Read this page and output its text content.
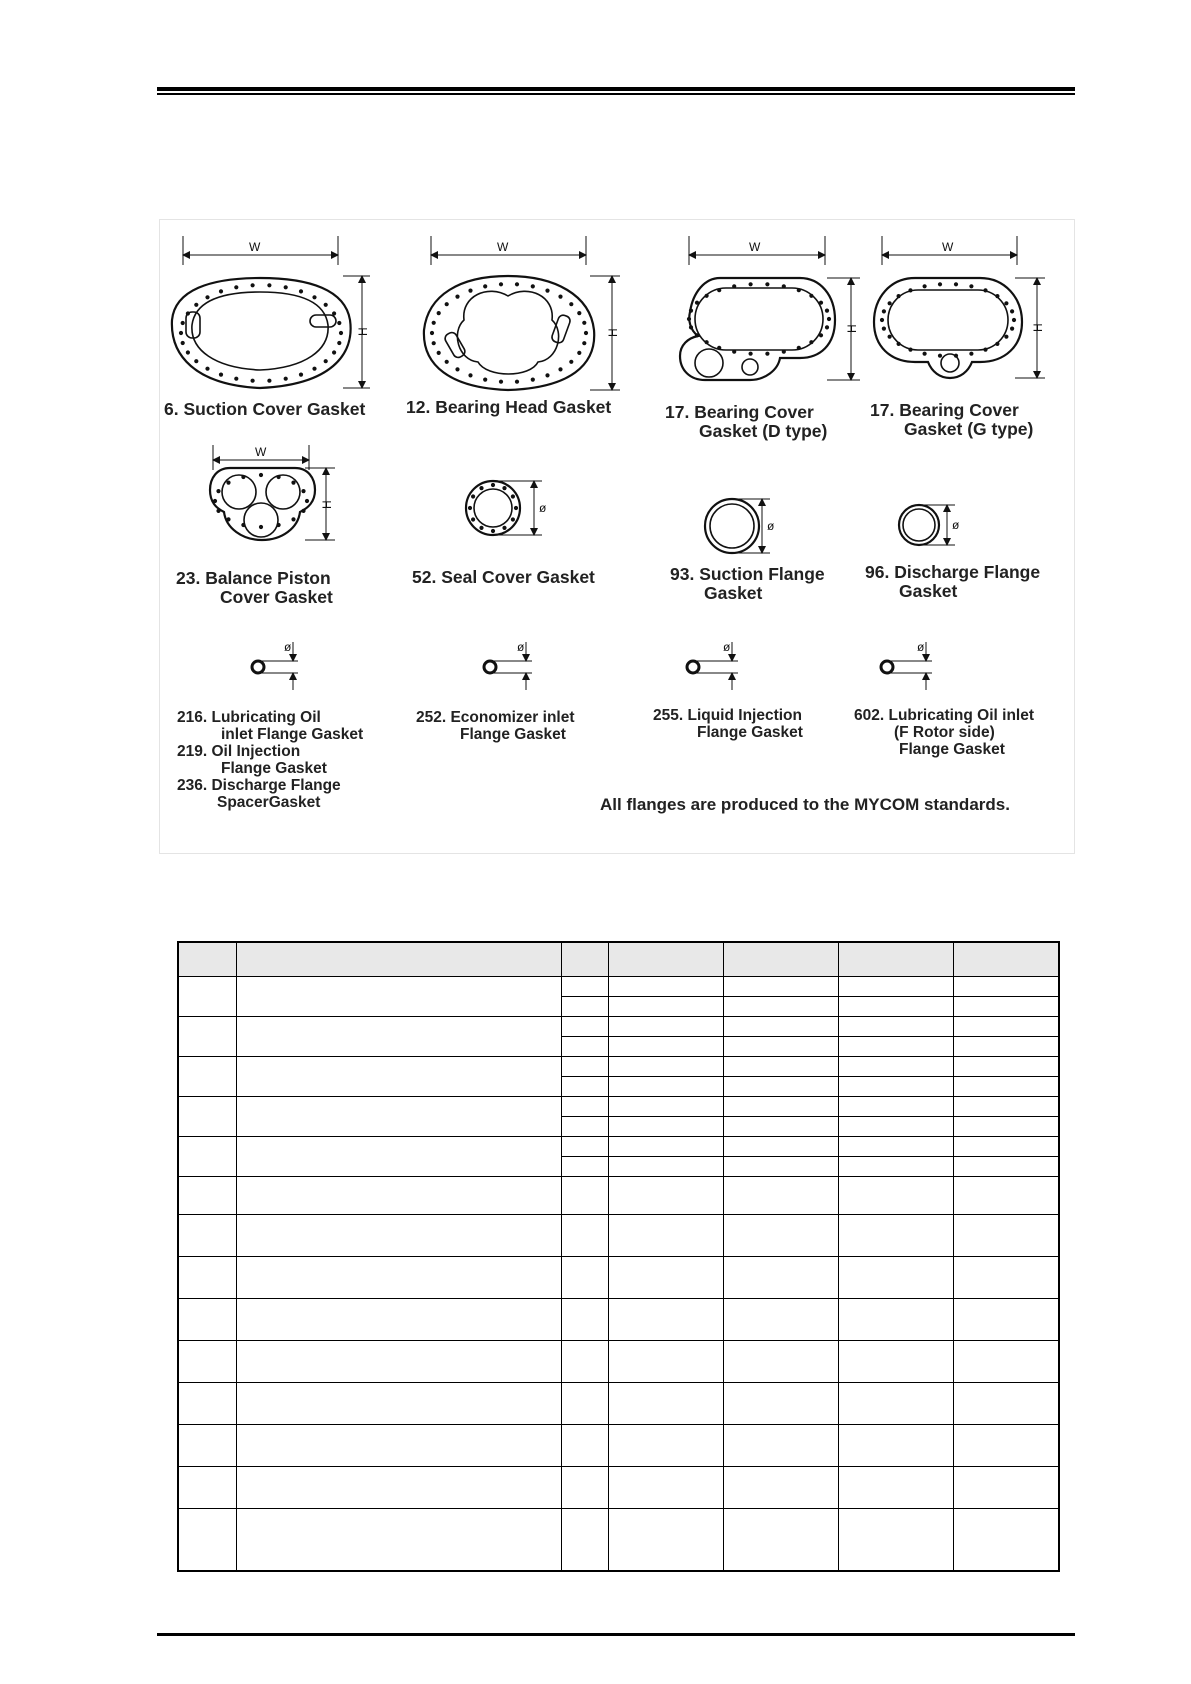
W	W	W	W
W
H	H	H	H
H	ø
ø	ø
ø	ø	ø	ø
6. Suction Cover Gasket 12. Bearing Head Gasket	17. Bearing Cover
Gasket (D type)
17. Bearing Cover
Gasket (G type)
23. Balance Piston
Cover Gasket
52. Seal Cover Gasket	93. Suction Flange
Gasket
96. Discharge Flange
Gasket
216. Lubricating Oil
inlet Flange Gasket
219. Oil Injection
Flange Gasket
236. Discharge Flange
SpacerGasket
252. Economizer inlet
Flange Gasket
255. Liquid Injection
Flange Gasket
602. Lubricating Oil inlet
(F Rotor side)
Flange Gasket
All flanges are produced to the MYCOM standards.
